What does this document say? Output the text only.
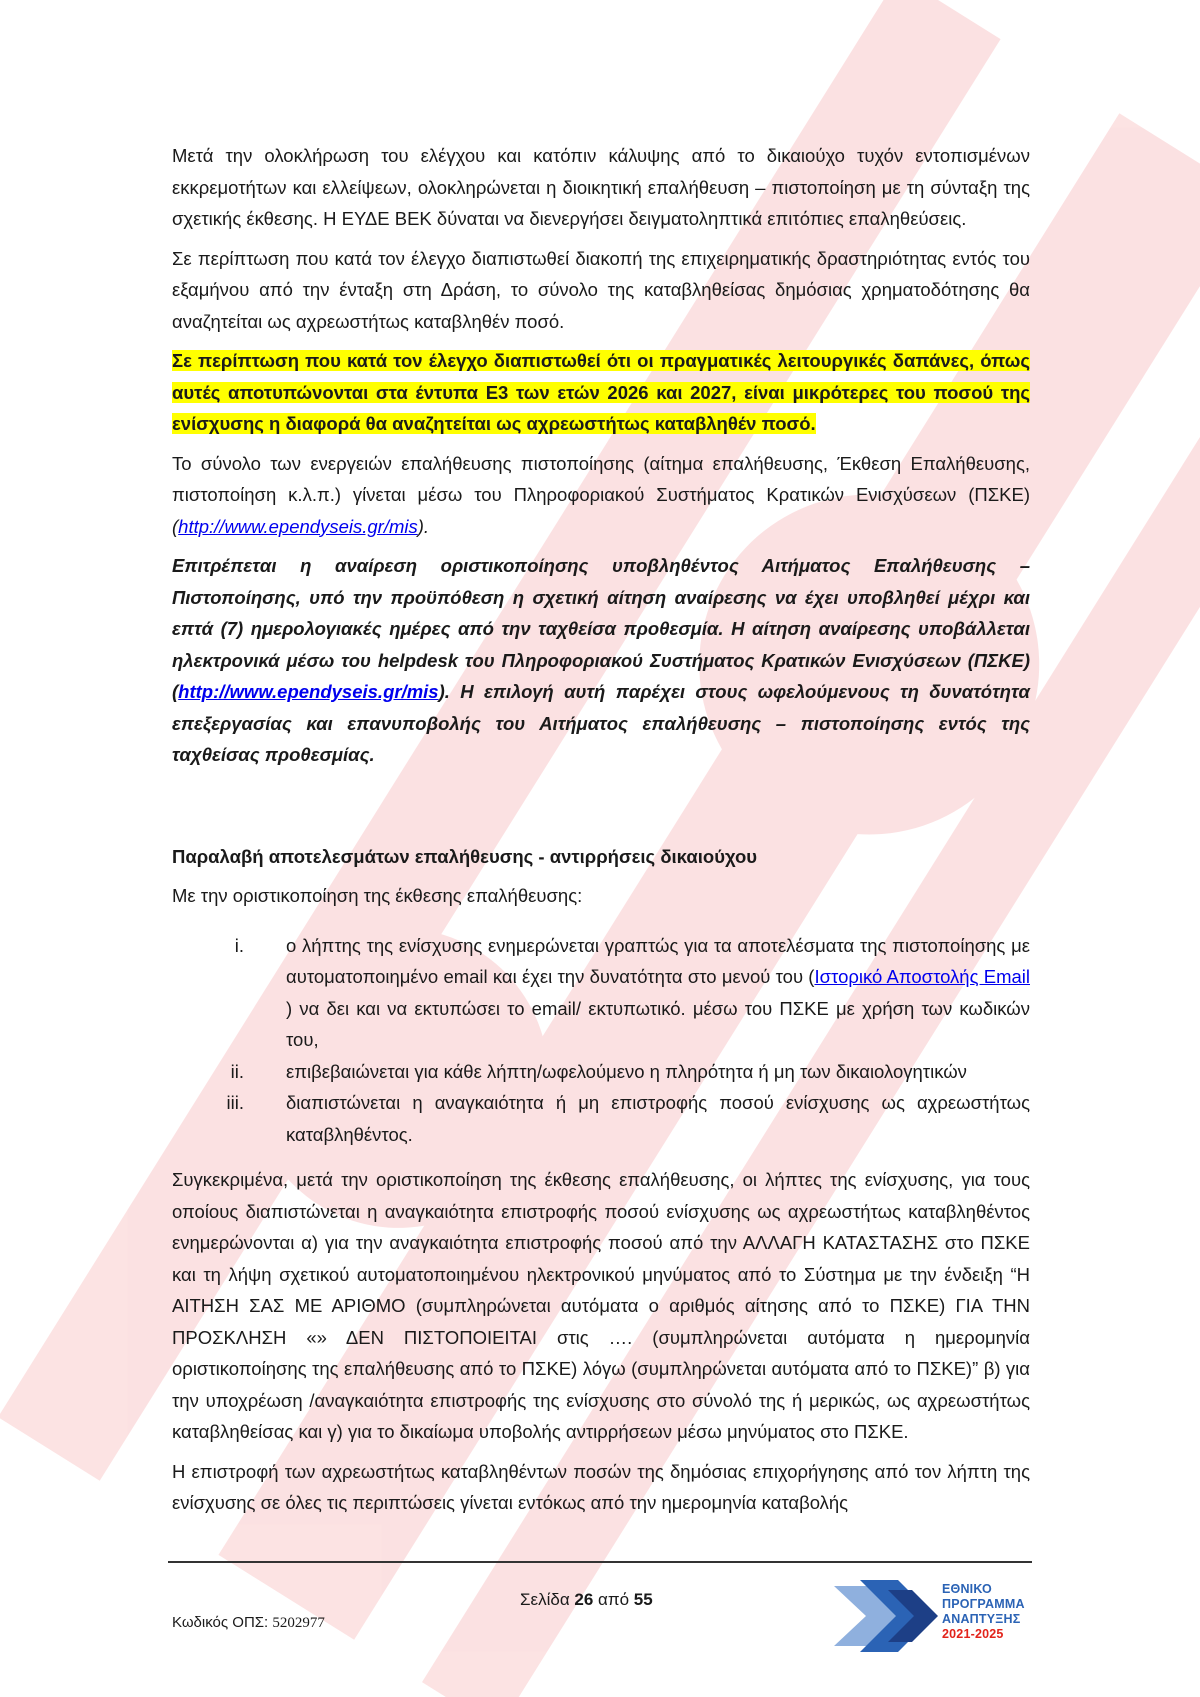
Μετά την ολοκλήρωση του ελέγχου και κατόπιν κάλυψης από το δικαιούχο τυχόν εντοπισμένων εκκρεμοτήτων και ελλείψεων, ολοκληρώνεται η διοικητική επαλήθευση – πιστοποίηση με τη σύνταξη της σχετικής έκθεσης. Η ΕΥΔΕ ΒΕΚ δύναται να διενεργήσει δειγματοληπτικά επιτόπιες επαληθεύσεις.

Σε περίπτωση που κατά τον έλεγχο διαπιστωθεί διακοπή της επιχειρηματικής δραστηριότητας εντός του εξαμήνου από την ένταξη στη Δράση, το σύνολο της καταβληθείσας δημόσιας χρηματοδότησης θα αναζητείται ως αχρεωστήτως καταβληθέν ποσό.

Σε περίπτωση που κατά τον έλεγχο διαπιστωθεί ότι οι πραγματικές λειτουργικές δαπάνες, όπως αυτές αποτυπώνονται στα έντυπα Ε3 των ετών 2026 και 2027, είναι μικρότερες του ποσού της ενίσχυσης η διαφορά θα αναζητείται ως αχρεωστήτως καταβληθέν ποσό.

Το σύνολο των ενεργειών επαλήθευσης πιστοποίησης (αίτημα επαλήθευσης, Έκθεση Επαλήθευσης, πιστοποίηση κ.λ.π.) γίνεται μέσω του Πληροφοριακού Συστήματος Κρατικών Ενισχύσεων (ΠΣΚΕ) (http://www.ependyseis.gr/mis).

Επιτρέπεται η αναίρεση οριστικοποίησης υποβληθέντος Αιτήματος Επαλήθευσης – Πιστοποίησης, υπό την προϋπόθεση η σχετική αίτηση αναίρεσης να έχει υποβληθεί μέχρι και επτά (7) ημερολογιακές ημέρες από την ταχθείσα προθεσμία. Η αίτηση αναίρεσης υποβάλλεται ηλεκτρονικά μέσω του helpdesk του Πληροφοριακού Συστήματος Κρατικών Ενισχύσεων (ΠΣΚΕ) (http://www.ependyseis.gr/mis). Η επιλογή αυτή παρέχει στους ωφελούμενους τη δυνατότητα επεξεργασίας και επανυποβολής του Αιτήματος επαλήθευσης – πιστοποίησης εντός της ταχθείσας προθεσμίας.

Παραλαβή αποτελεσμάτων επαλήθευσης - αντιρρήσεις δικαιούχου

Με την οριστικοποίηση της έκθεσης επαλήθευσης:

i. ο λήπτης της ενίσχυσης ενημερώνεται γραπτώς για τα αποτελέσματα της πιστοποίησης με αυτοματοποιημένο email και έχει την δυνατότητα στο μενού του (Ιστορικό Αποστολής Email ) να δει και να εκτυπώσει το email/ εκτυπωτικό. μέσω του ΠΣΚΕ με χρήση των κωδικών του,
ii. επιβεβαιώνεται για κάθε λήπτη/ωφελούμενο η πληρότητα ή μη των δικαιολογητικών
iii. διαπιστώνεται η αναγκαιότητα ή μη επιστροφής ποσού ενίσχυσης ως αχρεωστήτως καταβληθέντος.

Συγκεκριμένα, μετά την οριστικοποίηση της έκθεσης επαλήθευσης, οι λήπτες της ενίσχυσης, για τους οποίους διαπιστώνεται η αναγκαιότητα επιστροφής ποσού ενίσχυσης ως αχρεωστήτως καταβληθέντος ενημερώνονται α) για την αναγκαιότητα επιστροφής ποσού από την ΑΛΛΑΓΗ ΚΑΤΑΣΤΑΣΗΣ στο ΠΣΚΕ και τη λήψη σχετικού αυτοματοποιημένου ηλεκτρονικού μηνύματος από το Σύστημα με την ένδειξη “Η ΑΙΤΗΣΗ ΣΑΣ ΜΕ ΑΡΙΘΜΟ (συμπληρώνεται αυτόματα ο αριθμός αίτησης από το ΠΣΚΕ) ΓΙΑ ΤΗΝ ΠΡΟΣΚΛΗΣΗ «» ΔΕΝ ΠΙΣΤΟΠΟΙΕΙΤΑΙ στις …. (συμπληρώνεται αυτόματα η ημερομηνία οριστικοποίησης της επαλήθευσης από το ΠΣΚΕ) λόγω (συμπληρώνεται αυτόματα από το ΠΣΚΕ)” β) για την υποχρέωση /αναγκαιότητα επιστροφής της ενίσχυσης στο σύνολό της ή μερικώς, ως αχρεωστήτως καταβληθείσας και γ) για το δικαίωμα υποβολής αντιρρήσεων μέσω μηνύματος στο ΠΣΚΕ.

Η επιστροφή των αχρεωστήτως καταβληθέντων ποσών της δημόσιας επιχορήγησης από τον λήπτη της ενίσχυσης σε όλες τις περιπτώσεις γίνεται εντόκως από την ημερομηνία καταβολής

Σελίδα 26 από 55
Κωδικός ΟΠΣ: 5202977
ΕΘΝΙΚΟ
ΠΡΟΓΡΑΜΜΑ
ΑΝΑΠΤΥΞΗΣ
2021-2025
